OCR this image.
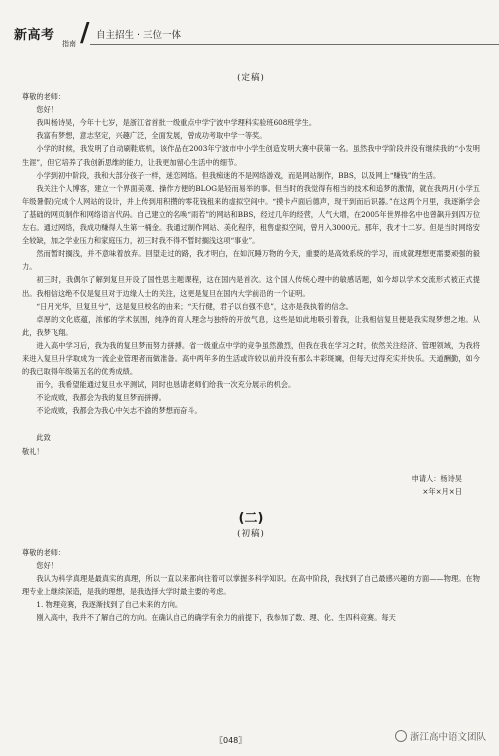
新高考
指南 / 自主招生 · 三位一体
(定稿)

尊敬的老师：

您好！

我叫杨诗昊，今年十七岁，是浙江省首批一级重点中学宁波中学理科实验班608班学生。

我富有梦想，意志坚定，兴趣广泛，全面发展，曾成功考取中学一等奖。

小学的时候，我发明了自动刷鞋底机，该作品在2003年宁波市中小学生创造发明大赛中获第一名。虽然我中学阶段并没有继续我的“小发明生涯”，但它培养了我创新思维的能力，让我更加留心生活中的细节。

小学到初中阶段，我和大部分孩子一样，迷恋网络。但我痴迷的不是网络游戏，而是网站制作，BBS，以及网上“赚钱”的生活。

我关注个人博客，建立一个界面美观、操作方便的BLOG是轻而易举的事。但当时的我觉得有相当的技术和追梦的激情，就在我两月(小学五年级暑假)完成个人网站的设计，并上传到用积攒的零花钱租来的虚拟空间中。“摸卡卢面后德声，现干到而后识器。”在这两个月里，我逐渐学会了基础的网页制作和网络语言代码。自己建立的名唤“雨若”的网站和BBS，经过几年的经营，人气大增，在2005年世界排名中也曾飙升到四万位左右。通过网络，我成功赚得人生第一桶金。我通过制作网站、美化程序，租售虚拟空间，曾月入3000元。那年，我才十二岁。但是当时网络安全较缺，加之学业压力和家庭压力，初三时我不得不暂时搁浅这项“事业”。

然而暂时搁浅，并不意味着放弃。回望走过的路，我才明白，在如沉睡万物的今天，重要的是高效系统的学习，而成就理想更需要顽强的毅力。

初三时，我偶尔了解到复旦开设了国性思主题课程，这在国内是首次。这个国人传统心理中的敏感话题，如今却以学术交流形式被正式提出。我相信这绝不仅是复旦对于边缘人士的关注，这更是复旦在国内大学前沿的一个证明。

“日月光华，旦复旦兮”，这是复旦校名的由来；“天行健，君子以自强不息”，这亦是我执着的信念。

卓厚的文化底蕴，浓郁的学术氛围，纯净的育人理念与独特的开放气息，这些是如此地吸引着我，让我相信复旦便是我实现梦想之地。从此，我梦飞翔。

进入高中学习后，我为我的复旦梦而努力拼搏。省一级重点中学的竞争虽然激烈，但我在我在学习之时，依然关注经济、管理领域，为我将来进入复旦升学取成为一流企业管理者而做准备。高中两年多的生活或许较以前并没有那么丰彩斑斓，但每天过得充实并快乐。天道酬勤，如今的我已取得年级第五名的优秀成绩。

而今，我希望能通过复旦水平测试，同时也恳请老师们给我一次充分展示的机会。

不论成败，我都会为我的复旦梦而拼搏。

不论成败，我都会为我心中矢志不渝的梦想而奋斗。

此致

敬礼！

申请人：杨诗昊

×年×月×日

(二)
(初稿)

尊敬的老师：

您好！

我认为科学真理是最真实的真理，所以一直以来都向往着可以掌握多科学知识。在高中阶段，我找到了自己最感兴趣的方面——物理。在物理专业上继续深造，是我的理想，是我选择大学时最主要的考虑。

1. 物理竞赛，我逐渐找到了自己未来的方向。

刚入高中，我并不了解自己的方向。在确认自己的确学有余力的前提下，我参加了数、理、化、生四科竞赛。每天

〖048〗	浙江高中语文团队
